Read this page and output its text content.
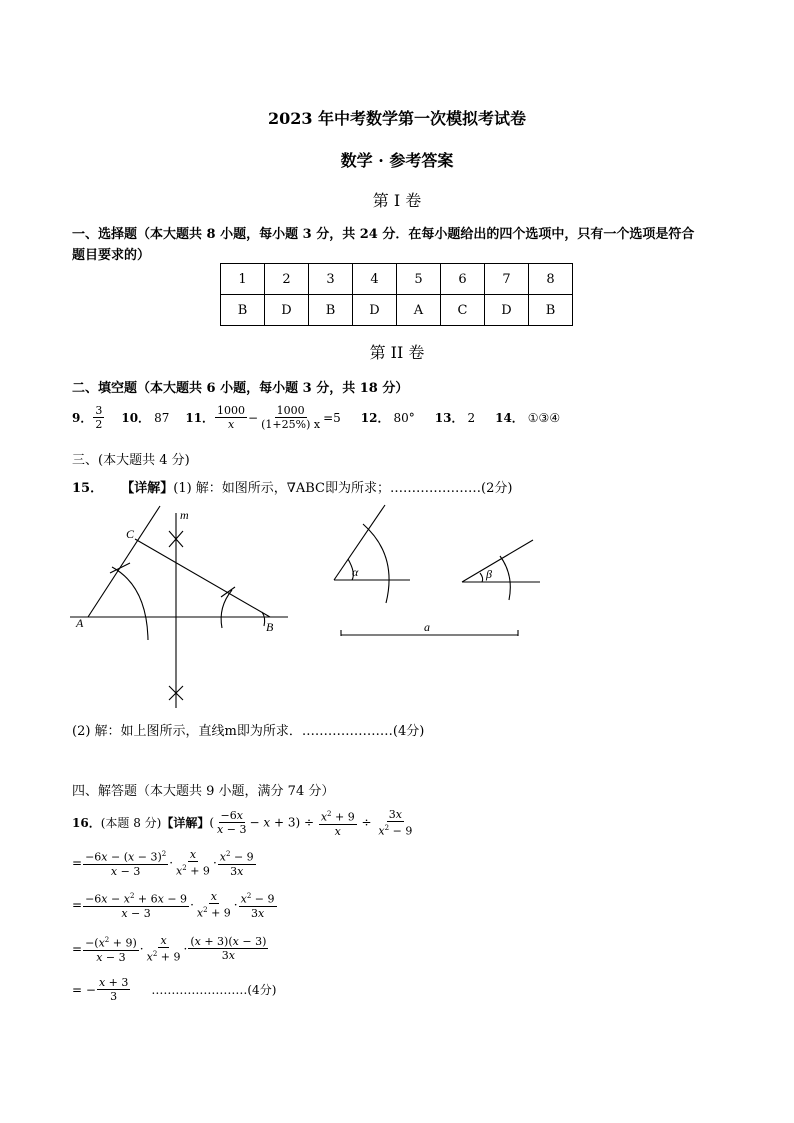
2023 年中考数学第一次模拟考试卷
数学 · 参考答案
第 I 卷
一、选择题（本大题共 8 小题，每小题 3 分，共 24 分．在每小题给出的四个选项中，只有一个选项是符合
题目要求的）
1	2	3	4	5	6	7	8
B	D	B	D	A	C	D	B
第 II 卷
二、填空题（本大题共 6 小题，每小题 3 分，共 18 分）
9． $\frac{3}{2} 10$． 87 11． $\frac{1000}{x} - \frac{1000}{(1+25\%) x} =5$ 12． 80° 13． 2 14． ①③④
三、(本大题共 4 分)
15． 【详解】(1) 解：如图所示，∇ABC即为所求；…………………(2分)
C
A	B
m
α	β
a
(2) 解：如上图所示，直线m即为所求．…………………(4分)
四、解答题（本大题共 9 小题，满分 74 分）
16． (本题 8 分) 【详解】 ( $\frac{-6x}{x - 3} - x + 3) \div \frac{x^2 + 9}{x} \div \frac{3x}{x^2 - 9}$
= $\frac{-6x - (x - 3)^2}{x - 3} \cdot \frac{x}{x^2 + 9} \cdot \frac{x^2 - 9}{3x}$
= $\frac{-6x - x^2 + 6x - 9}{x - 3} \cdot \frac{x}{x^2 + 9} \cdot \frac{x^2 - 9}{3x}$
= $\frac{-(x^2 + 9)}{x - 3} \cdot \frac{x}{x^2 + 9} \cdot \frac{(x + 3)(x - 3)}{3x}$
= − $\frac{x + 3}{3}$ ……………………(4分)
